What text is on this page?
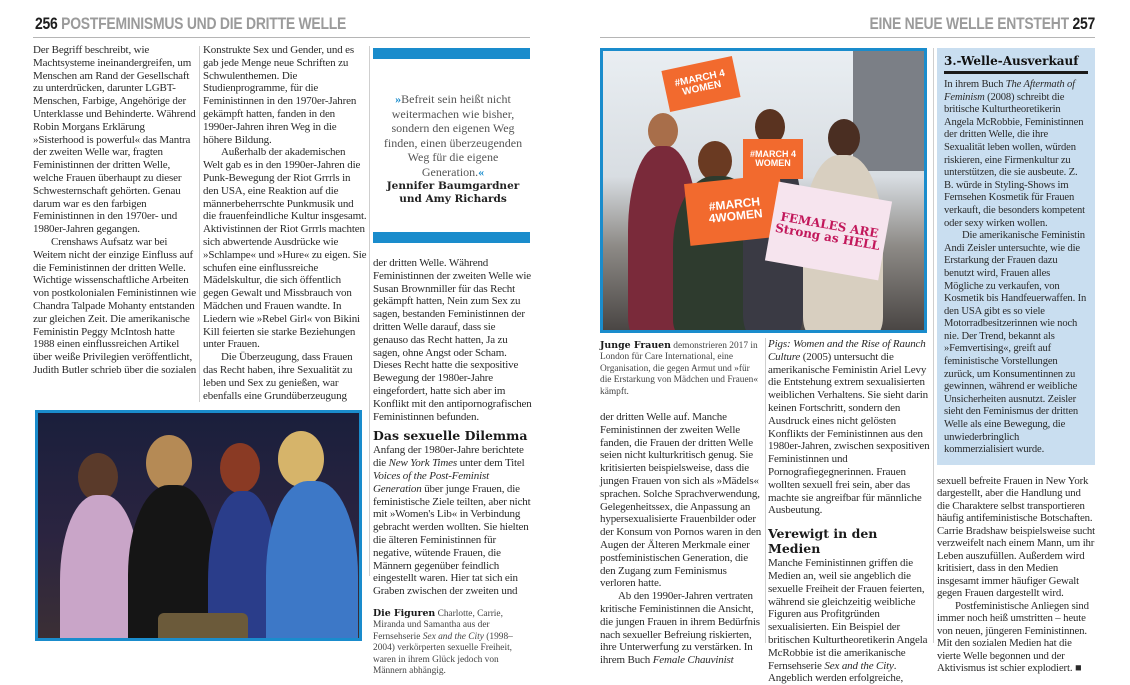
256 POSTFEMINISMUS UND DIE DRITTE WELLE

Der Begriff beschreibt, wie Machtsysteme ineinandergreifen, um Menschen am Rand der Gesellschaft zu unterdrücken, darunter LGBT-Menschen, Farbige, Angehörige der Unterklasse und Behinderte. Während Robin Morgans Erklärung »Sisterhood is powerful« das Mantra der zweiten Welle war, fragten Feministinnen der dritten Welle, welche Frauen überhaupt zu dieser Schwesternschaft gehörten. Genau darum war es den farbigen Feministinnen in den 1970er- und 1980er-Jahren gegangen.

Crenshaws Aufsatz war bei Weitem nicht der einzige Einfluss auf die Feministinnen der dritten Welle. Wichtige wissenschaftliche Arbeiten von postkolonialen Feministinnen wie Chandra Talpade Mohanty entstanden zur gleichen Zeit. Die amerikanische Feministin Peggy McIntosh hatte 1988 einen einflussreichen Artikel über weiße Privilegien veröffentlicht, Judith Butler schrieb über die sozialen

Konstrukte Sex und Gender, und es gab jede Menge neue Schriften zu Schwulenthemen. Die Studienprogramme, für die Feministinnen in den 1970er-Jahren gekämpft hatten, fanden in den 1990er-Jahren ihren Weg in die höhere Bildung.

Außerhalb der akademischen Welt gab es in den 1990er-Jahren die Punk-Bewegung der Riot Grrrls in den USA, eine Reaktion auf die männerbeherrschte Punkmusik und die frauenfeindliche Kultur insgesamt. Aktivistinnen der Riot Grrrls machten sich abwertende Ausdrücke wie »Schlampe« und »Hure« zu eigen. Sie schufen eine einflussreiche Mädelskultur, die sich öffentlich gegen Gewalt und Missbrauch von Mädchen und Frauen wandte. In Liedern wie »Rebel Girl« von Bikini Kill feierten sie starke Beziehungen unter Frauen.

Die Überzeugung, dass Frauen das Recht haben, ihre Sexualität zu leben und Sex zu genießen, war ebenfalls eine Grundüberzeugung

»Befreit sein heißt nicht weitermachen wie bisher, sondern den eigenen Weg finden, einen überzeugenden Weg für die eigene Generation.«
Jennifer Baumgardner und Amy Richards

der dritten Welle. Während Feministinnen der zweiten Welle wie Susan Brownmiller für das Recht gekämpft hatten, Nein zum Sex zu sagen, bestanden Feministinnen der dritten Welle darauf, dass sie genauso das Recht hatten, Ja zu sagen, ohne Angst oder Scham. Dieses Recht hatte die sexpositive Bewegung der 1980er-Jahre eingefordert, hatte sich aber im Konflikt mit den antipornografischen Feministinnen befunden.

Das sexuelle Dilemma

Anfang der 1980er-Jahre berichtete die New York Times unter dem Titel Voices of the Post-Feminist Generation über junge Frauen, die feministische Ziele teilten, aber nicht mit »Women's Lib« in Verbindung gebracht werden wollten. Sie hielten die älteren Feministinnen für negative, wütende Frauen, die Männern gegenüber feindlich eingestellt waren. Hier tat sich ein Graben zwischen der zweiten und

Die Figuren Charlotte, Carrie, Miranda und Samantha aus der Fernsehserie Sex and the City (1998–2004) verkörperten sexuelle Freiheit, waren in ihrem Glück jedoch von Männern abhängig.
EINE NEUE WELLE ENTSTEHT 257
#MARCH 4 WOMEN
#MARCH 4 WOMEN
#MARCH 4WOMEN	FEMALES ARE Strong as HELL
Junge Frauen demonstrieren 2017 in London für Care International, eine Organisation, die gegen Armut und »für die Erstarkung von Mädchen und Frauen« kämpft.

der dritten Welle auf. Manche Feministinnen der zweiten Welle fanden, die Frauen der dritten Welle seien nicht kulturkritisch genug. Sie kritisierten beispielsweise, dass die jungen Frauen von sich als »Mädels« sprachen. Solche Sprachverwendung, Gelegenheitssex, die Anpassung an hypersexualisierte Frauenbilder oder der Konsum von Pornos waren in den Augen der Älteren Merkmale einer postfeministischen Generation, die den Zugang zum Feminismus verloren hatte.

Ab den 1990er-Jahren vertraten kritische Feministinnen die Ansicht, die jungen Frauen in ihrem Bedürfnis nach sexueller Befreiung riskierten, ihre Unterwerfung zu verstärken. In ihrem Buch Female Chauvinist

Pigs: Women and the Rise of Raunch Culture (2005) untersucht die amerikanische Feministin Ariel Levy die Entstehung extrem sexualisierten weiblichen Verhaltens. Sie sieht darin keinen Fortschritt, sondern den Ausdruck eines nicht gelösten Konflikts der Feministinnen aus den 1980er-Jahren, zwischen sexpositiven Feministinnen und Pornografiegegnerinnen. Frauen wollten sexuell frei sein, aber das machte sie angreifbar für männliche Ausbeutung.

Verewigt in den Medien

Manche Feministinnen griffen die Medien an, weil sie angeblich die sexuelle Freiheit der Frauen feierten, während sie gleichzeitig weibliche Figuren aus Profitgründen sexualisierten. Ein Beispiel der britischen Kulturtheoretikerin Angela McRobbie ist die amerikanische Fernsehserie Sex and the City. Angeblich werden erfolgreiche,

3.-Welle-Ausverkauf

In ihrem Buch The Aftermath of Feminism (2008) schreibt die britische Kulturtheoretikerin Angela McRobbie, Feministinnen der dritten Welle, die ihre Sexualität leben wollen, würden riskieren, eine Firmenkultur zu unterstützen, die sie ausbeute. Z. B. würde in Styling-Shows im Fernsehen Kosmetik für Frauen verkauft, die besonders kompetent oder sexy wirken wollen.

Die amerikanische Feministin Andi Zeisler untersuchte, wie die Erstarkung der Frauen dazu benutzt wird, Frauen alles Mögliche zu verkaufen, von Kosmetik bis Handfeuerwaffen. In den USA gibt es so viele Motorradbesitzerinnen wie noch nie. Der Trend, bekannt als »Femvertising«, greift auf feministische Vorstellungen zurück, um Konsumentinnen zu gewinnen, während er weibliche Unsicherheiten ausnutzt. Zeisler sieht den Feminismus der dritten Welle als eine Bewegung, die unwiederbringlich kommerzialisiert wurde.

sexuell befreite Frauen in New York dargestellt, aber die Handlung und die Charaktere selbst transportieren häufig antifeministische Botschaften. Carrie Bradshaw beispielsweise sucht verzweifelt nach einem Mann, um ihr Leben auszufüllen. Außerdem wird kritisiert, dass in den Medien insgesamt immer häufiger Gewalt gegen Frauen dargestellt wird.

Postfeministische Anliegen sind immer noch heiß umstritten – heute von neuen, jüngeren Feministinnen. Mit den sozialen Medien hat die vierte Welle begonnen und der Aktivismus ist schier explodiert. ■
